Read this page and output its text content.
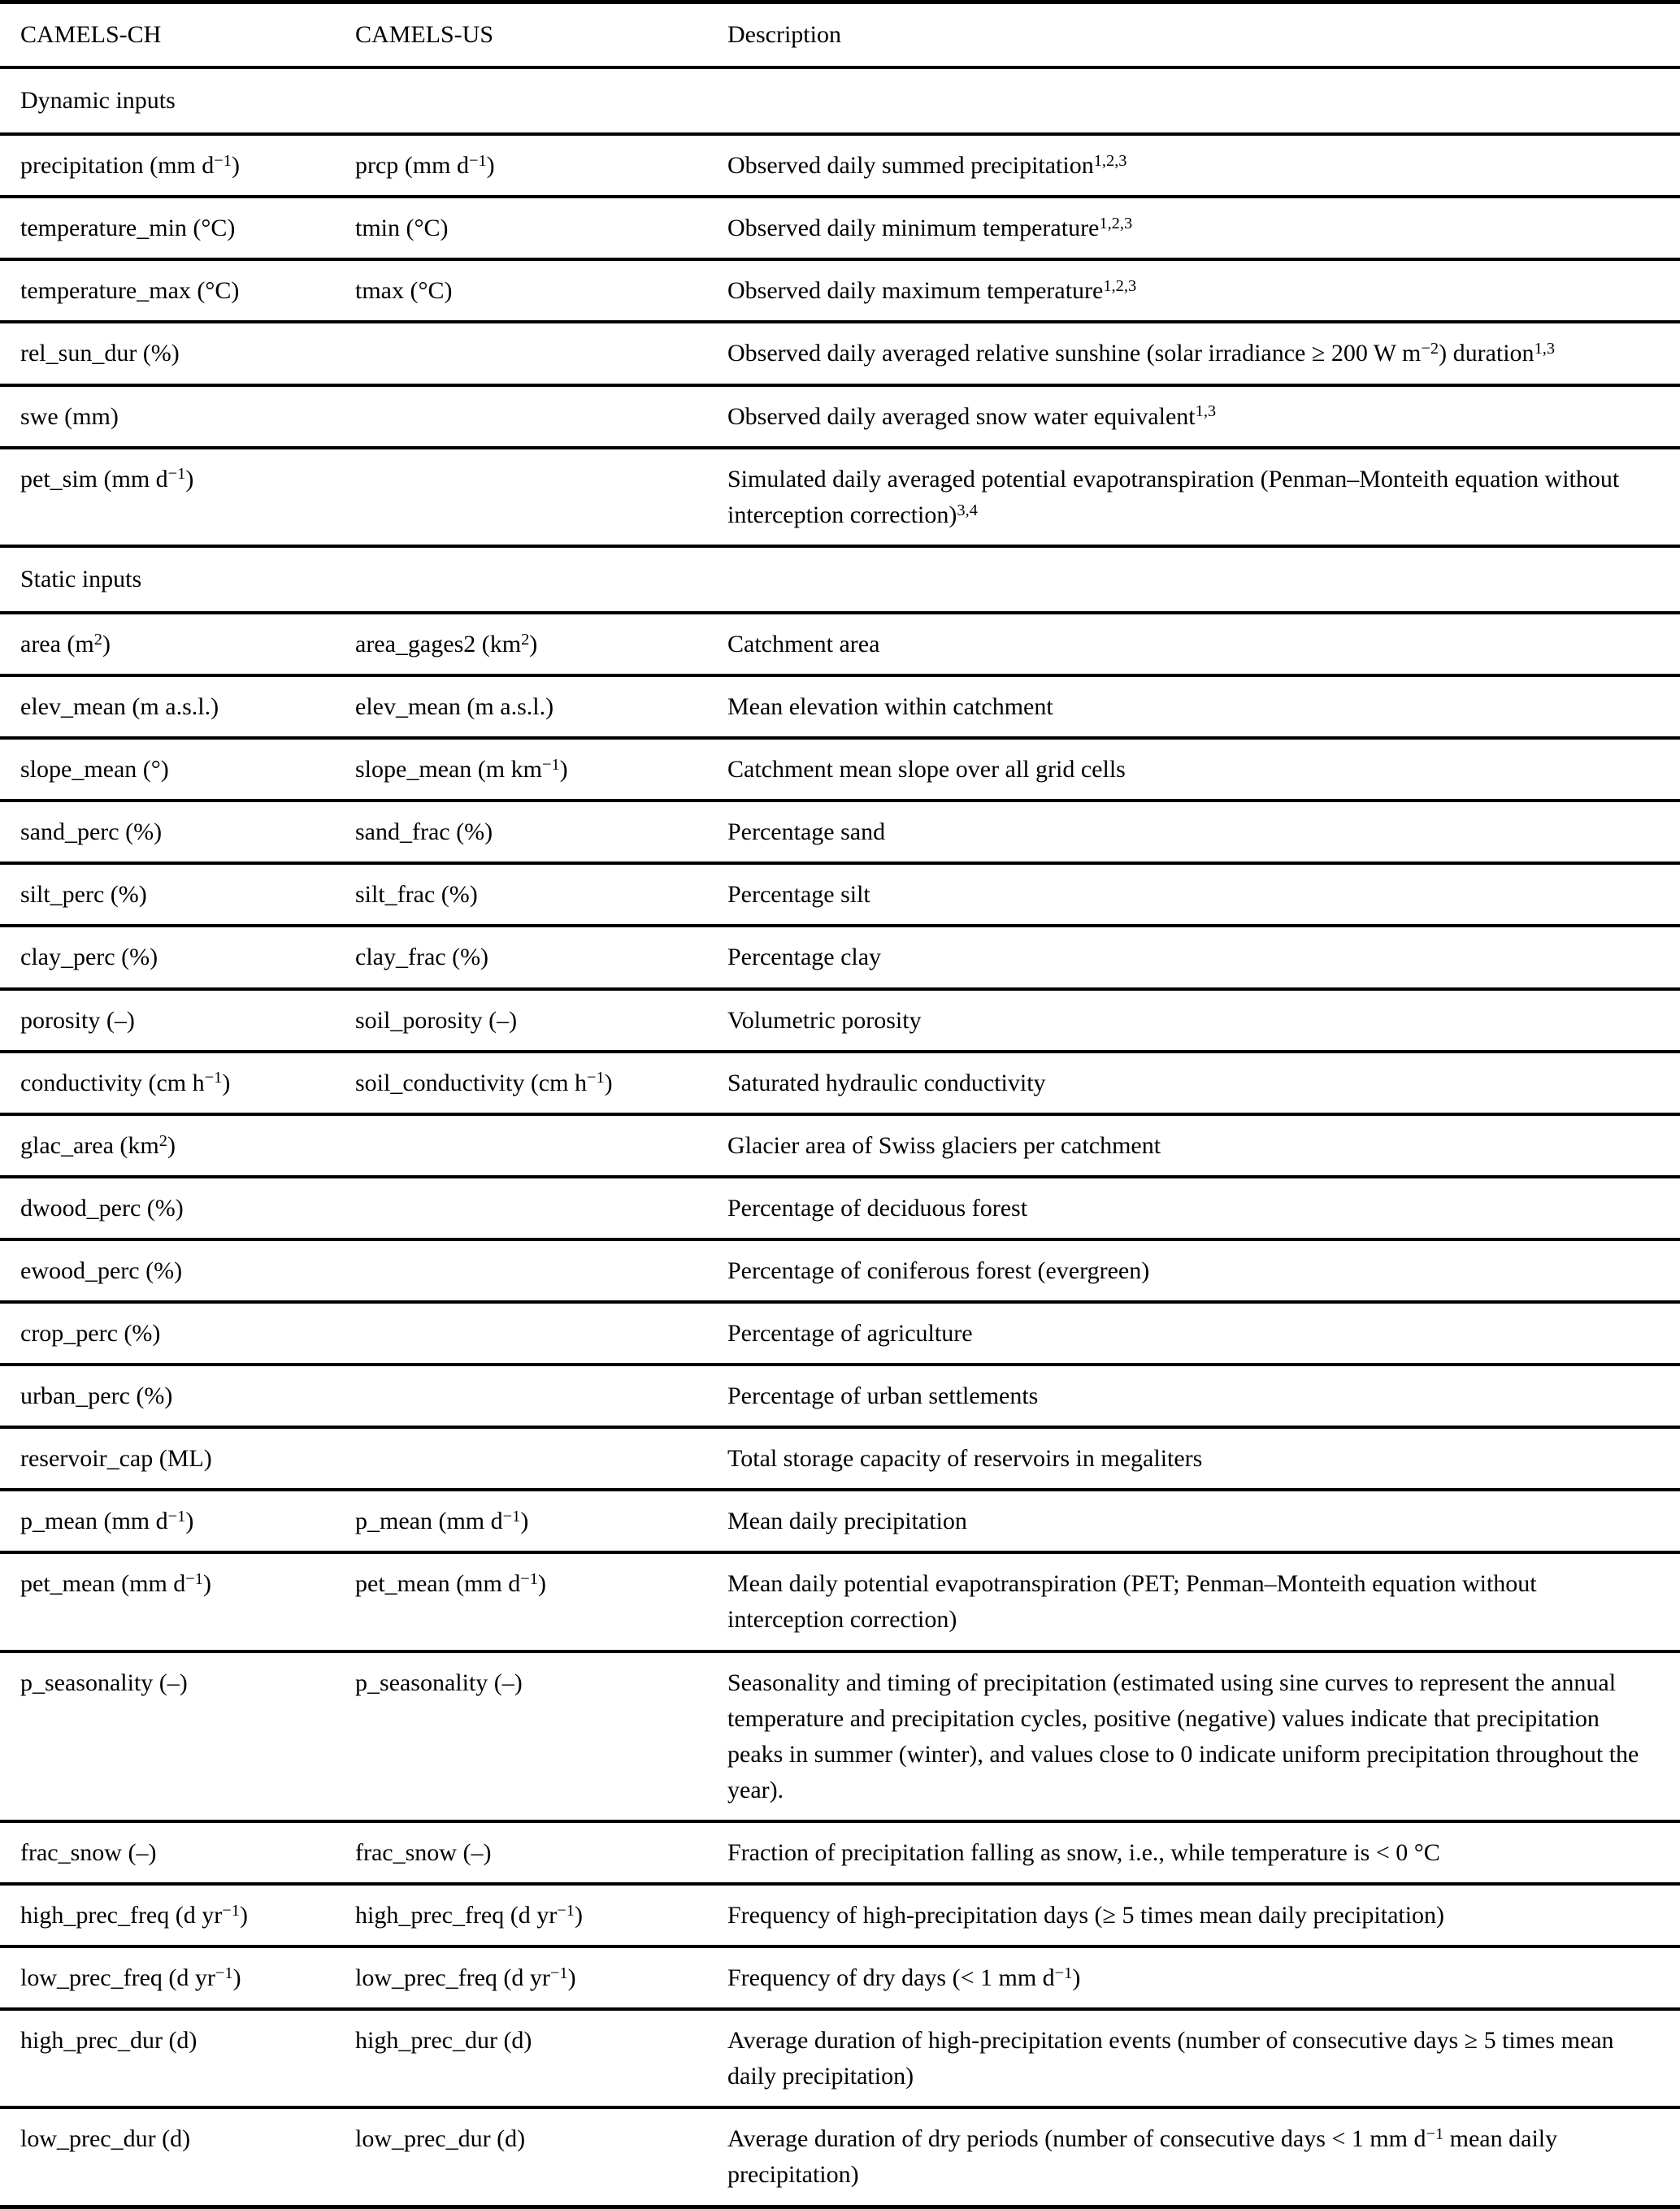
CAMELS-CH	CAMELS-US	Description
Dynamic inputs		
precipitation (mm $d^{-1}$)	prcp (mm $d^{-1}$)	Observed daily summed precipitation$^{1,2,3}$
temperature_min (°C)	tmin (°C)	Observed daily minimum temperature$^{1,2,3}$
temperature_max (°C)	tmax (°C)	Observed daily maximum temperature$^{1,2,3}$
rel_sun_dur (%)		Observed daily averaged relative sunshine (solar irradiance ≥ 200 W $m^{-2}$) duration$^{1,3}$
swe (mm)		Observed daily averaged snow water equivalent$^{1,3}$
pet_sim (mm $d^{-1}$)		Simulated daily averaged potential evapotranspiration (Penman–Monteith equation without interception correction)$^{3,4}$
Static inputs		
area $(m^2)$	area_gages2 $(km^2)$	Catchment area
elev_mean (m a.s.l.)	elev_mean (m a.s.l.)	Mean elevation within catchment
slope_mean (°)	slope_mean (m $km^{-1}$)	Catchment mean slope over all grid cells
sand_perc (%)	sand_frac (%)	Percentage sand
silt_perc (%)	silt_frac (%)	Percentage silt
clay_perc (%)	clay_frac (%)	Percentage clay
porosity (–)	soil_porosity (–)	Volumetric porosity
conductivity (cm $h^{-1}$)	soil_conductivity (cm $h^{-1}$)	Saturated hydraulic conductivity
glac_area $(km^2)$		Glacier area of Swiss glaciers per catchment
dwood_perc (%)		Percentage of deciduous forest
ewood_perc (%)		Percentage of coniferous forest (evergreen)
crop_perc (%)		Percentage of agriculture
urban_perc (%)		Percentage of urban settlements
reservoir_cap (ML)		Total storage capacity of reservoirs in megaliters
p_mean (mm $d^{-1}$)	p_mean (mm $d^{-1}$)	Mean daily precipitation
pet_mean (mm $d^{-1}$)	pet_mean (mm $d^{-1}$)	Mean daily potential evapotranspiration (PET; Penman–Monteith equation without interception correction)
p_seasonality (–)	p_seasonality (–)	Seasonality and timing of precipitation (estimated using sine curves to represent the annual temperature and precipitation cycles, positive (negative) values indicate that precipitation peaks in summer (winter), and values close to 0 indicate uniform precipitation throughout the year).
frac_snow (–)	frac_snow (–)	Fraction of precipitation falling as snow, i.e., while temperature is < 0 °C
high_prec_freq (d $yr^{-1}$)	high_prec_freq (d $yr^{-1}$)	Frequency of high-precipitation days (≥ 5 times mean daily precipitation)
low_prec_freq (d $yr^{-1}$)	low_prec_freq (d $yr^{-1}$)	Frequency of dry days (< 1 mm $d^{-1}$)
high_prec_dur (d)	high_prec_dur (d)	Average duration of high-precipitation events (number of consecutive days ≥ 5 times mean daily precipitation)
low_prec_dur (d)	low_prec_dur (d)	Average duration of dry periods (number of consecutive days < 1 mm $d^{-1}$ mean daily precipitation)
